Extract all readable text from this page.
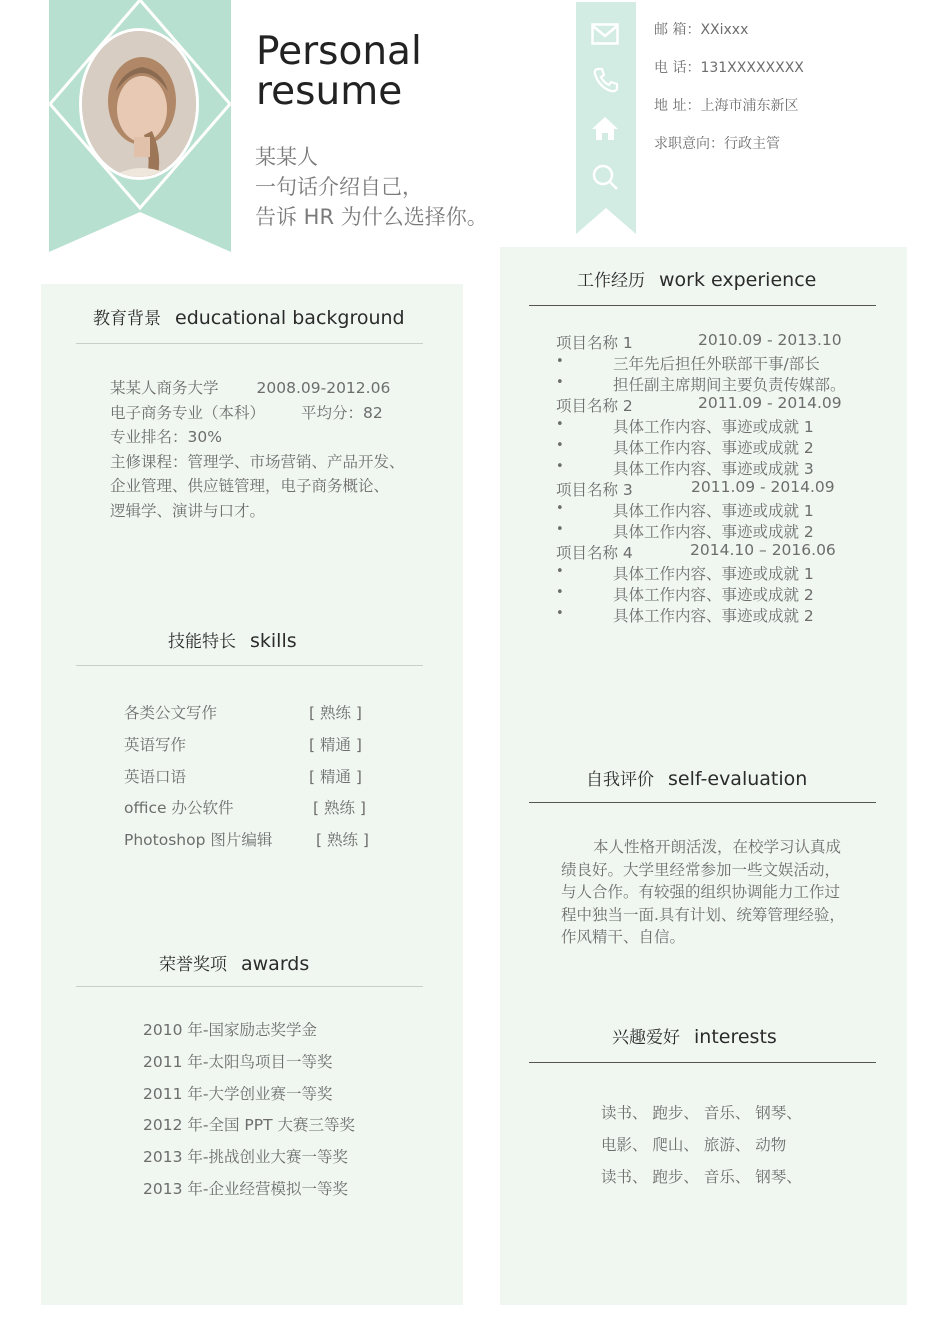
Personal
resume
某某人
一句话介绍自己，
告诉 HR 为什么选择你。
邮 箱：XXixxx
电 话：131XXXXXXXX
地 址：上海市浦东新区
求职意向：行政主管
教育背景 educational background
某某人商务大学 2008.09-2012.06
电子商务专业（本科） 平均分：82
专业排名：30%
主修课程：管理学、市场营销、产品开发、
企业管理、供应链管理，电子商务概论、
逻辑学、演讲与口才。
技能特长 skills
各类公文写作	[ 熟练 ]
英语写作	[ 精通 ]
英语口语	[ 精通 ]
office 办公软件	[ 熟练 ]
Photoshop 图片编辑	[ 熟练 ]
荣誉奖项 awards
2010 年-国家励志奖学金
2011 年-太阳鸟项目一等奖
2011 年-大学创业赛一等奖
2012 年-全国 PPT 大赛三等奖
2013 年-挑战创业大赛一等奖
2013 年-企业经营模拟一等奖
工作经历 work experience
项目名称 1	2010.09 - 2013.10
•	三年先后担任外联部干事/部长
•	担任副主席期间主要负责传媒部。
项目名称 2	2011.09 - 2014.09
•	具体工作内容、事迹或成就 1
•	具体工作内容、事迹或成就 2
•	具体工作内容、事迹或成就 3
项目名称 3	2011.09 - 2014.09
•	具体工作内容、事迹或成就 1
•	具体工作内容、事迹或成就 2
项目名称 4	2014.10 – 2016.06
•	具体工作内容、事迹或成就 1
•	具体工作内容、事迹或成就 2
•	具体工作内容、事迹或成就 2
自我评价 self-evaluation

本人性格开朗活泼，在校学习认真成

绩良好。大学里经常参加一些文娱活动，

与人合作。有较强的组织协调能力工作过

程中独当一面.具有计划、统筹管理经验，

作风精干、自信。

兴趣爱好 interests
读书、 跑步、 音乐、 钢琴、
电影、 爬山、 旅游、 动物
读书、 跑步、 音乐、 钢琴、
